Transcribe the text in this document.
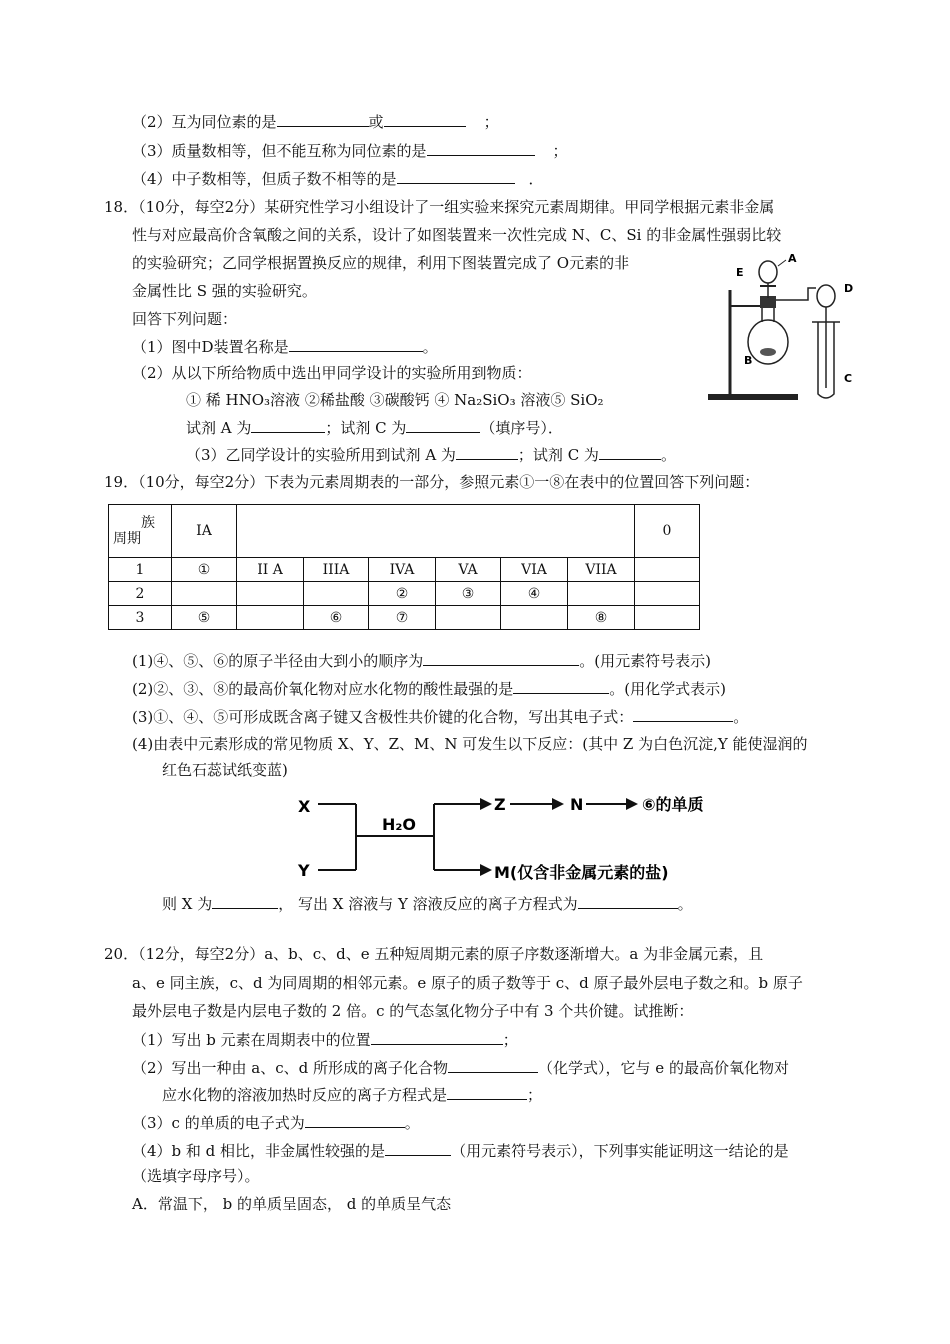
（2）互为同位素的是	或	；
（3）质量数相等，但不能互称为同位素的是	；
（4）中子数相等，但质子数不相等的是	．
18．（10分，每空2分）某研究性学习小组设计了一组实验来探究元素周期律。甲同学根据元素非金属
性与对应最高价含氧酸之间的关系，设计了如图装置来一次性完成 N、C、Si 的非金属性强弱比较
的实验研究；乙同学根据置换反应的规律，利用下图装置完成了 O元素的非
金属性比 S 强的实验研究。
回答下列问题：
（1）图中D装置名称是	。
（2）从以下所给物质中选出甲同学设计的实验所用到物质：
① 稀 HNO₃溶液 ②稀盐酸 ③碳酸钙 ④ Na₂SiO₃ 溶液⑤ SiO₂
试剂 A 为	；试剂 C 为	（填序号）．
（3）乙同学设计的实验所用到试剂 A 为	；试剂 C 为	。
A
E
B
D
C
19．（10分，每空2分）下表为元素周期表的一部分，参照元素①一⑧在表中的位置回答下列问题：
族
周期	IA							0
1	①	II A	IIIA	IVA	VA	VIA	VIIA	
2				②	③	④		
3	⑤		⑥	⑦			⑧	
(1)④、⑤、⑥的原子半径由大到小的顺序为	。(用元素符号表示)
(2)②、③、⑧的最高价氧化物对应水化物的酸性最强的是	。(用化学式表示)
(3)①、④、⑤可形成既含离子键又含极性共价键的化合物，写出其电子式：	。
(4)由表中元素形成的常见物质 X、Y、Z、M、N 可发生以下反应：(其中 Z 为白色沉淀,Y 能使湿润的
红色石蕊试纸变蓝)
X
Y
H₂O
Z	N	⑥的单质
M(仅含非金属元素的盐)
则 X 为	， 写出 X 溶液与 Y 溶液反应的离子方程式为	。
20．（12分，每空2分）a、b、c、d、e 五种短周期元素的原子序数逐渐增大。a 为非金属元素，且
a、e 同主族，c、d 为同周期的相邻元素。e 原子的质子数等于 c、d 原子最外层电子数之和。b 原子
最外层电子数是内层电子数的 2 倍。c 的气态氢化物分子中有 3 个共价键。试推断：
（1）写出 b 元素在周期表中的位置	；
（2）写出一种由 a、c、d 所形成的离子化合物	（化学式），它与 e 的最高价氧化物对
应水化物的溶液加热时反应的离子方程式是	；
（3）c 的单质的电子式为	。
（4）b 和 d 相比，非金属性较强的是	（用元素符号表示），下列事实能证明这一结论的是
（选填字母序号）。
A．常温下， b 的单质呈固态， d 的单质呈气态
